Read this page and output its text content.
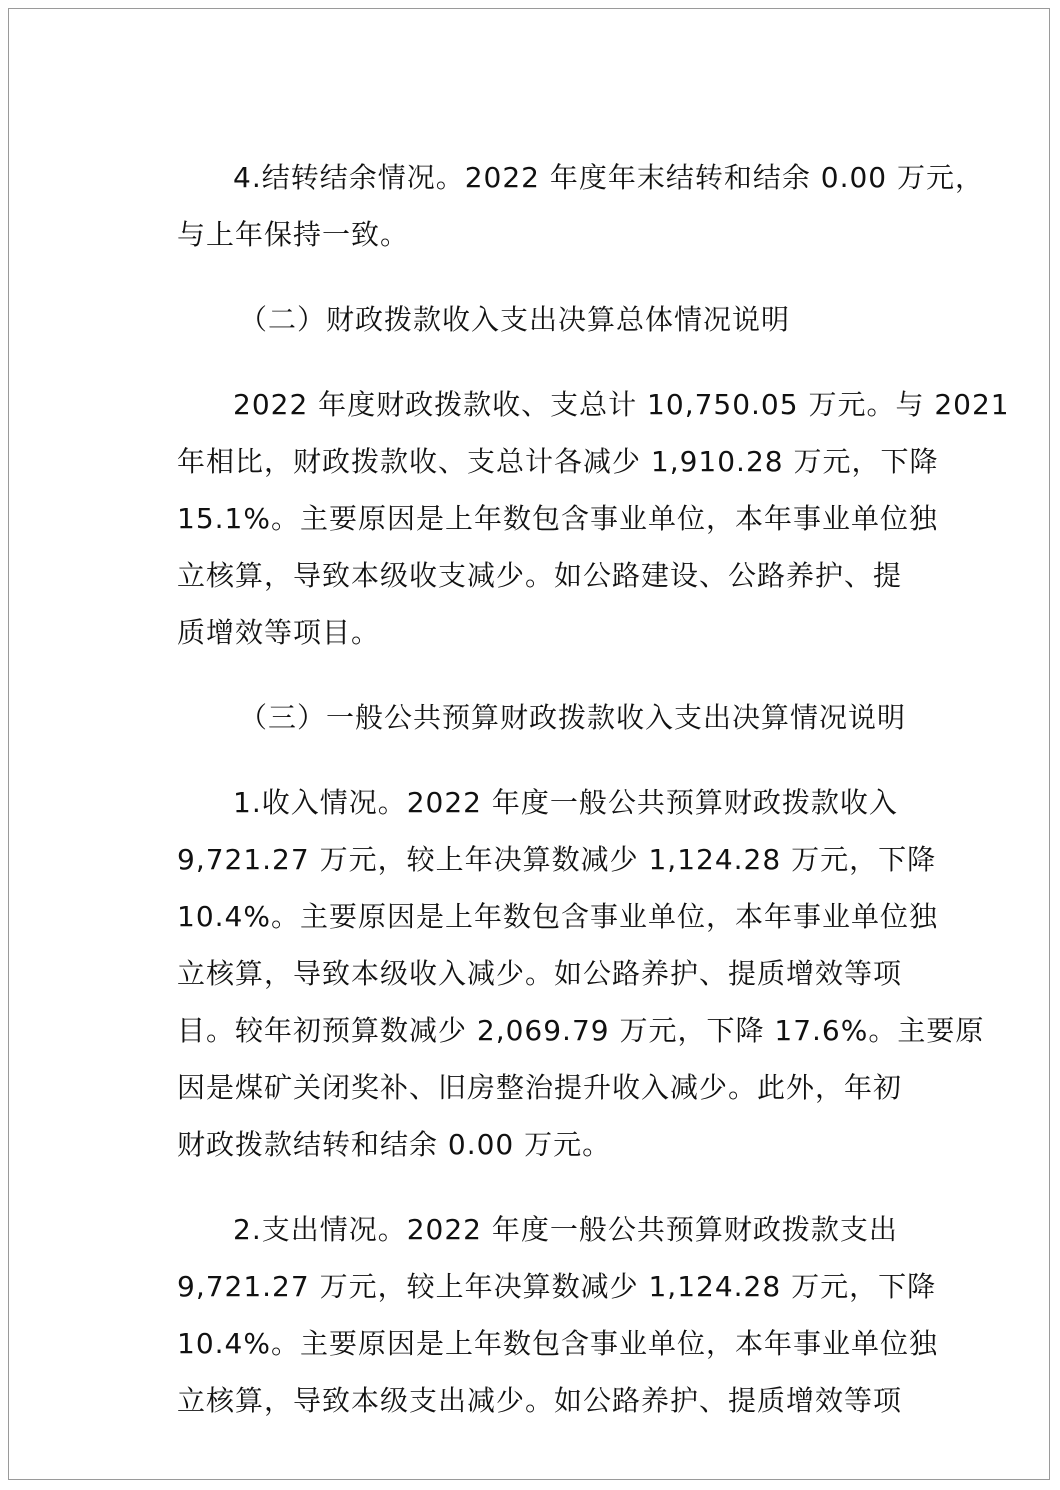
4.结转结余情况。2022 年度年末结转和结余 0.00 万元，
与上年保持一致。

（二）财政拨款收入支出决算总体情况说明

2022 年度财政拨款收、支总计 10,750.05 万元。与 2021
年相比，财政拨款收、支总计各减少 1,910.28 万元，下降
15.1%。主要原因是上年数包含事业单位，本年事业单位独
立核算，导致本级收支减少。如公路建设、公路养护、提
质增效等项目。

（三）一般公共预算财政拨款收入支出决算情况说明

1.收入情况。2022 年度一般公共预算财政拨款收入
9,721.27 万元，较上年决算数减少 1,124.28 万元，下降
10.4%。主要原因是上年数包含事业单位，本年事业单位独
立核算，导致本级收入减少。如公路养护、提质增效等项
目。较年初预算数减少 2,069.79 万元，下降 17.6%。主要原
因是煤矿关闭奖补、旧房整治提升收入减少。此外，年初
财政拨款结转和结余 0.00 万元。

2.支出情况。2022 年度一般公共预算财政拨款支出
9,721.27 万元，较上年决算数减少 1,124.28 万元，下降
10.4%。主要原因是上年数包含事业单位，本年事业单位独
立核算，导致本级支出减少。如公路养护、提质增效等项
